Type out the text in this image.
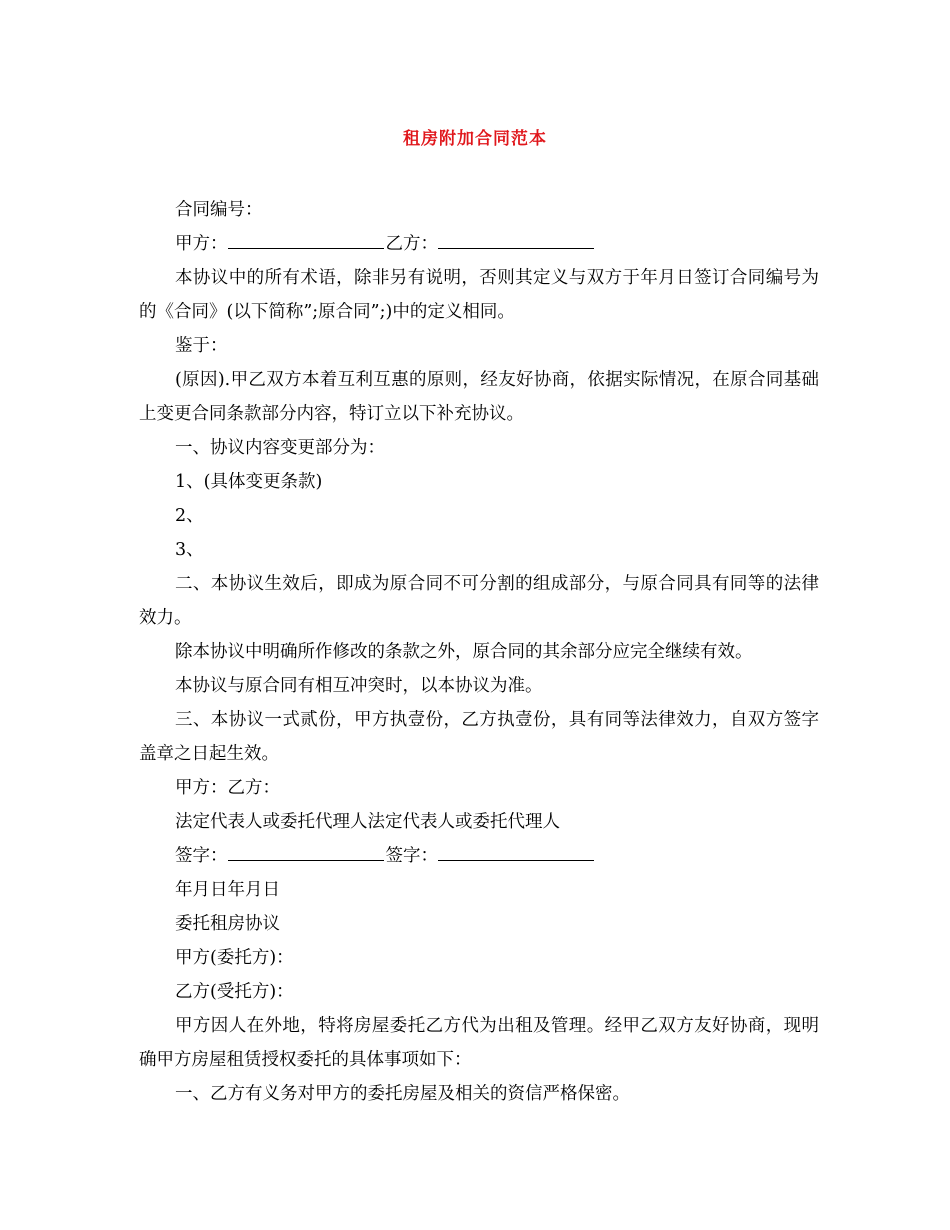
租房附加合同范本

合同编号：

甲方：	乙方：

本协议中的所有术语，除非另有说明，否则其定义与双方于年月日签订合同编号为的《合同》(以下简称”;原合同”;)中的定义相同。

鉴于：

(原因).甲乙双方本着互利互惠的原则，经友好协商，依据实际情况，在原合同基础上变更合同条款部分内容，特订立以下补充协议。

一、协议内容变更部分为：

1、(具体变更条款)

2、

3、

二、本协议生效后，即成为原合同不可分割的组成部分，与原合同具有同等的法律效力。

除本协议中明确所作修改的条款之外，原合同的其余部分应完全继续有效。

本协议与原合同有相互冲突时，以本协议为准。

三、本协议一式贰份，甲方执壹份，乙方执壹份，具有同等法律效力，自双方签字盖章之日起生效。

甲方：乙方：

法定代表人或委托代理人法定代表人或委托代理人

签字：	签字：

年月日年月日

委托租房协议

甲方(委托方)：

乙方(受托方)：

甲方因人在外地，特将房屋委托乙方代为出租及管理。经甲乙双方友好协商，现明确甲方房屋租赁授权委托的具体事项如下：

一、乙方有义务对甲方的委托房屋及相关的资信严格保密。
